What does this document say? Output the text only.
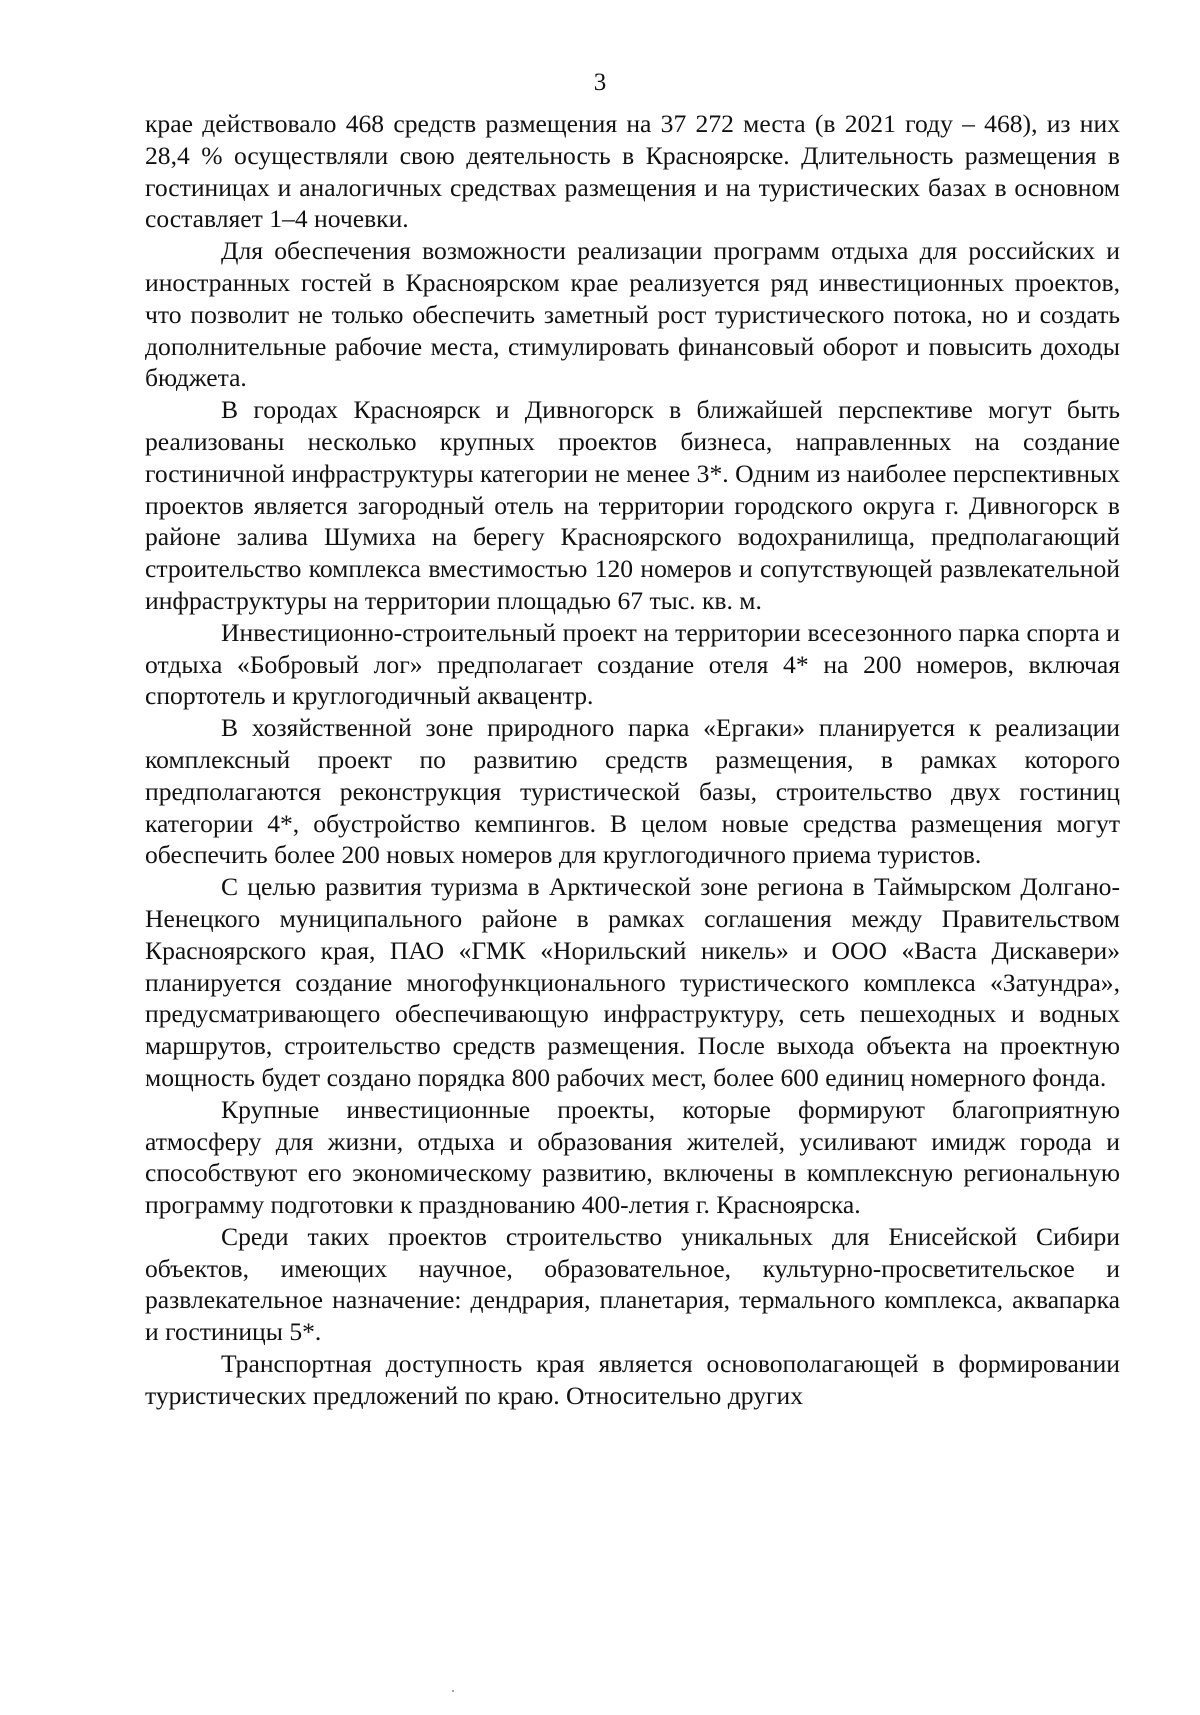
3

крае действовало 468 средств размещения на 37 272 места (в 2021 году – 468), из них 28,4 % осуществляли свою деятельность в Красноярске. Длительность размещения в гостиницах и аналогичных средствах размещения и на туристических базах в основном составляет 1–4 ночевки.

Для обеспечения возможности реализации программ отдыха для российских и иностранных гостей в Красноярском крае реализуется ряд инвестиционных проектов, что позволит не только обеспечить заметный рост туристического потока, но и создать дополнительные рабочие места, стимулировать финансовый оборот и повысить доходы бюджета.

В городах Красноярск и Дивногорск в ближайшей перспективе могут быть реализованы несколько крупных проектов бизнеса, направленных на создание гостиничной инфраструктуры категории не менее 3*. Одним из наиболее перспективных проектов является загородный отель на территории городского округа г. Дивногорск в районе залива Шумиха на берегу Красноярского водохранилища, предполагающий строительство комплекса вместимостью 120 номеров и сопутствующей развлекательной инфраструктуры на территории площадью 67 тыс. кв. м.

Инвестиционно-строительный проект на территории всесезонного парка спорта и отдыха «Бобровый лог» предполагает создание отеля 4* на 200 номеров, включая спортотель и круглогодичный аквацентр.

В хозяйственной зоне природного парка «Ергаки» планируется к реализации комплексный проект по развитию средств размещения, в рамках которого предполагаются реконструкция туристической базы, строительство двух гостиниц категории 4*, обустройство кемпингов. В целом новые средства размещения могут обеспечить более 200 новых номеров для круглогодичного приема туристов.

С целью развития туризма в Арктической зоне региона в Таймырском Долгано-Ненецкого муниципального районе в рамках соглашения между Правительством Красноярского края, ПАО «ГМК «Норильский никель» и ООО «Васта Дискавери» планируется создание многофункционального туристического комплекса «Затундра», предусматривающего обеспечивающую инфраструктуру, сеть пешеходных и водных маршрутов, строительство средств размещения. После выхода объекта на проектную мощность будет создано порядка 800 рабочих мест, более 600 единиц номерного фонда.

Крупные инвестиционные проекты, которые формируют благоприятную атмосферу для жизни, отдыха и образования жителей, усиливают имидж города и способствуют его экономическому развитию, включены в комплексную региональную программу подготовки к празднованию 400-летия г. Красноярска.

Среди таких проектов строительство уникальных для Енисейской Сибири объектов, имеющих научное, образовательное, культурно-просветительское и развлекательное назначение: дендрария, планетария, термального комплекса, аквапарка и гостиницы 5*.

Транспортная доступность края является основополагающей в формировании туристических предложений по краю. Относительно других
